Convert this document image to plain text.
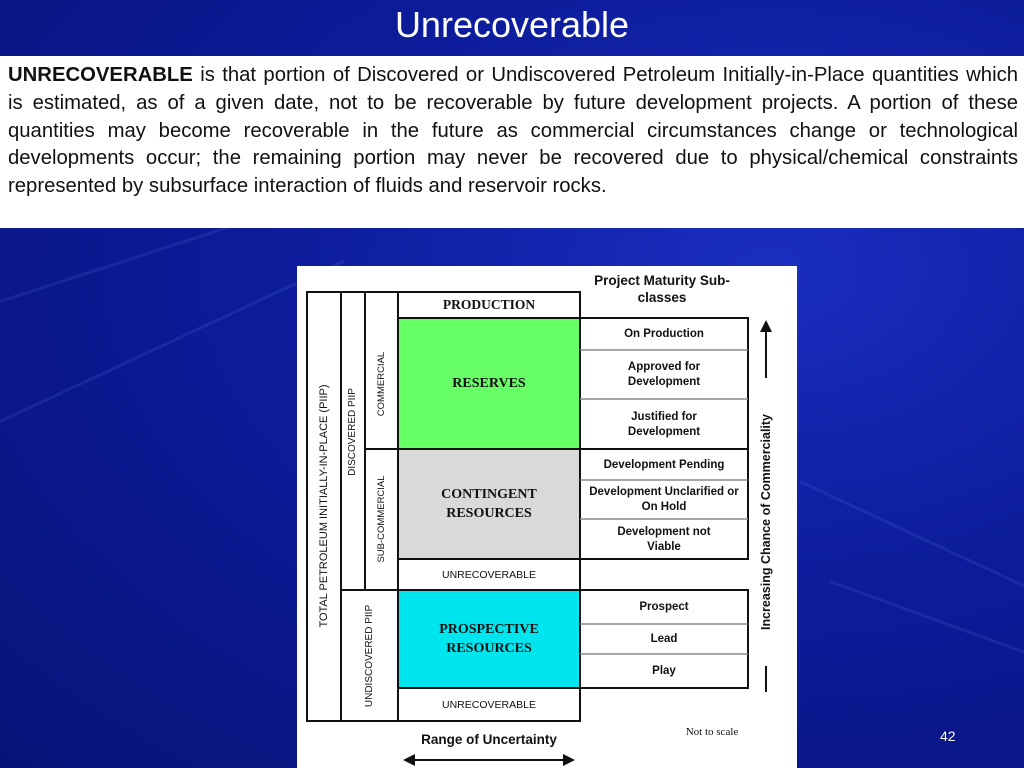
Unrecoverable
UNRECOVERABLE is that portion of Discovered or Undiscovered Petroleum Initially-in-Place quantities which is estimated, as of a given date, not to be recoverable by future development projects. A portion of these quantities may become recoverable in the future as commercial circumstances change or technological developments occur; the remaining portion may never be recovered due to physical/chemical constraints represented by subsurface interaction of fluids and reservoir rocks.
Project Maturity Sub-classes
TOTAL PETROLEUM INITIALLY-IN-PLACE (PIIP) DISCOVERED PIIP
UNDISCOVERED PIIP
COMMERCIAL
SUB-COMMERCIAL
PRODUCTION
RESERVES
CONTINGENT RESOURCES
UNRECOVERABLE
PROSPECTIVE RESOURCES
UNRECOVERABLE
On Production
Approved for Development
Justified for Development
Development Pending
Development Unclarified or On Hold
Development not Viable
Prospect
Lead
Play
Increasing Chance of Commerciality
Range of Uncertainty	Not to scale	42
